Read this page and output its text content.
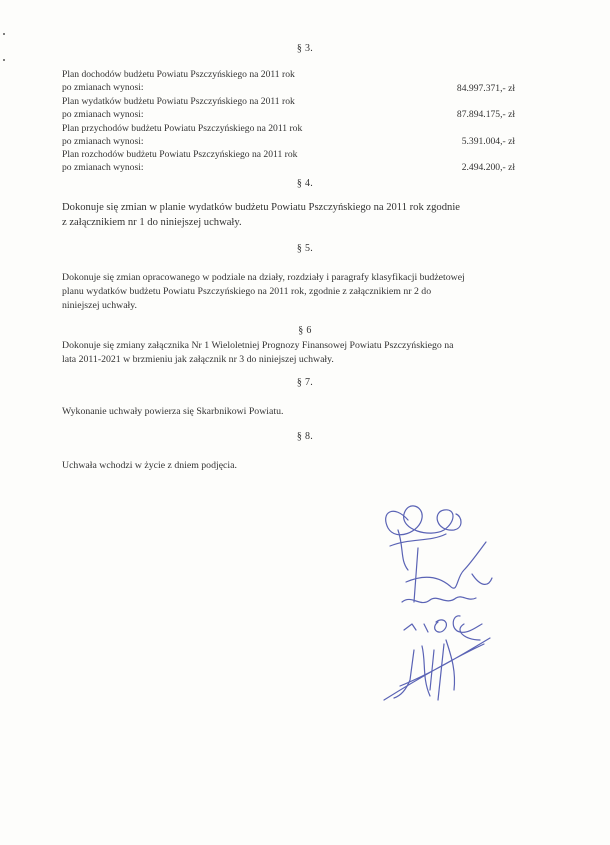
§ 3.
Plan dochodów budżetu Powiatu Pszczyńskiego na 2011 rok
po zmianach wynosi:	84.997.371,- zł
Plan wydatków budżetu Powiatu Pszczyńskiego na 2011 rok
po zmianach wynosi:	87.894.175,- zł
Plan przychodów budżetu Powiatu Pszczyńskiego na 2011 rok
po zmianach wynosi:	5.391.004,- zł
Plan rozchodów budżetu Powiatu Pszczyńskiego na 2011 rok
po zmianach wynosi:	2.494.200,- zł
§ 4.
Dokonuje się zmian w planie wydatków budżetu Powiatu Pszczyńskiego na 2011 rok zgodnie
z załącznikiem nr 1 do niniejszej uchwały.
§ 5.
Dokonuje się zmian opracowanego w podziale na działy, rozdziały i paragrafy klasyfikacji budżetowej
planu wydatków budżetu Powiatu Pszczyńskiego na 2011 rok, zgodnie z załącznikiem nr 2 do
niniejszej uchwały.
§ 6
Dokonuje się zmiany załącznika Nr 1 Wieloletniej Prognozy Finansowej Powiatu Pszczyńskiego na
lata 2011-2021 w brzmieniu jak załącznik nr 3 do niniejszej uchwały.
§ 7.
Wykonanie uchwały powierza się Skarbnikowi Powiatu.
§ 8.
Uchwała wchodzi w życie z dniem podjęcia.
